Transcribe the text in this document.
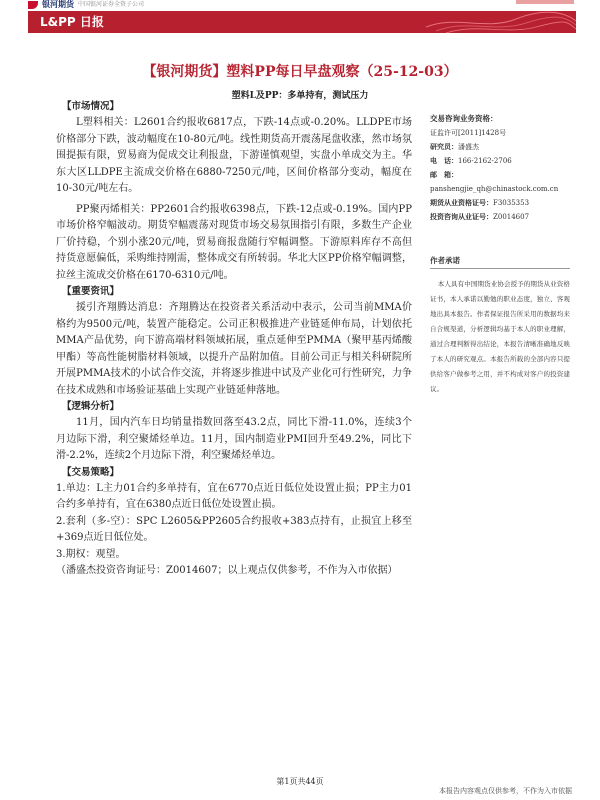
银河期货 中国银河证券全资子公司
L&PP 日报
【银河期货】塑料PP每日早盘观察（25-12-03）
塑料L及PP：多单持有，测试压力
【市场情况】

L塑料相关：L2601合约报收6817点，下跌-14点或-0.20%。LLDPE市场价格部分下跌，波动幅度在10-80元/吨。线性期货高开震荡尾盘收涨，然市场氛围提振有限，贸易商为促成交让利报盘，下游谨慎观望，实盘小单成交为主。华东大区LLDPE主流成交价格在6880-7250元/吨，区间价格部分变动，幅度在10-30元/吨左右。

PP聚丙烯相关：PP2601合约报收6398点，下跌-12点或-0.19%。国内PP市场价格窄幅波动。期货窄幅震荡对现货市场交易氛围指引有限，多数生产企业厂价持稳，个别小涨20元/吨，贸易商报盘随行窄幅调整。下游原料库存不高但持货意愿偏低，采购维持刚需，整体成交有所转弱。华北大区PP价格窄幅调整，拉丝主流成交价格在6170-6310元/吨。

【重要资讯】

援引齐翔腾达消息：齐翔腾达在投资者关系活动中表示，公司当前MMA价格约为9500元/吨，装置产能稳定。公司正积极推进产业链延伸布局，计划依托MMA产品优势，向下游高端材料领域拓展，重点延伸至PMMA（聚甲基丙烯酸甲酯）等高性能树脂材料领域，以提升产品附加值。目前公司正与相关科研院所开展PMMA技术的小试合作交流，并将逐步推进中试及产业化可行性研究，力争在技术成熟和市场验证基础上实现产业链延伸落地。

【逻辑分析】

11月，国内汽车日均销量指数回落至43.2点，同比下滑-11.0%，连续3个月边际下滑，利空聚烯烃单边。11月，国内制造业PMI回升至49.2%，同比下滑-2.2%，连续2个月边际下滑，利空聚烯烃单边。

【交易策略】

1.单边：L主力01合约多单持有，宜在6770点近日低位处设置止损；PP主力01合约多单持有，宜在6380点近日低位处设置止损。

2.套利（多-空）：SPC L2605&PP2605合约报收+383点持有，止损宜上移至+369点近日低位处。

3.期权：观望。

（潘盛杰投资咨询证号：Z0014607；以上观点仅供参考，不作为入市依据）

交易咨询业务资格：
证监许可[2011]1428号
研究员：潘盛杰
电　话：166-2162-2706
邮　箱：
panshengjie_qh@chinastock.com.cn
期货从业资格证号：F3035353
投资咨询从业证号：Z0014607
作者承诺
本人具有中国期货业协会授予的期货从业资格证书，本人承诺以勤勉的职业态度，独立、客观地出具本报告。作者保证报告所采用的数据均来自合规渠道，分析逻辑均基于本人的职业理解，通过合理判断得出结论，本报告清晰准确地反映了本人的研究观点。本报告所载的全部内容只提供给客户做参考之用，并不构成对客户的投资建议。
第1页共44页
本报告内容观点仅供参考，不作为入市依据
